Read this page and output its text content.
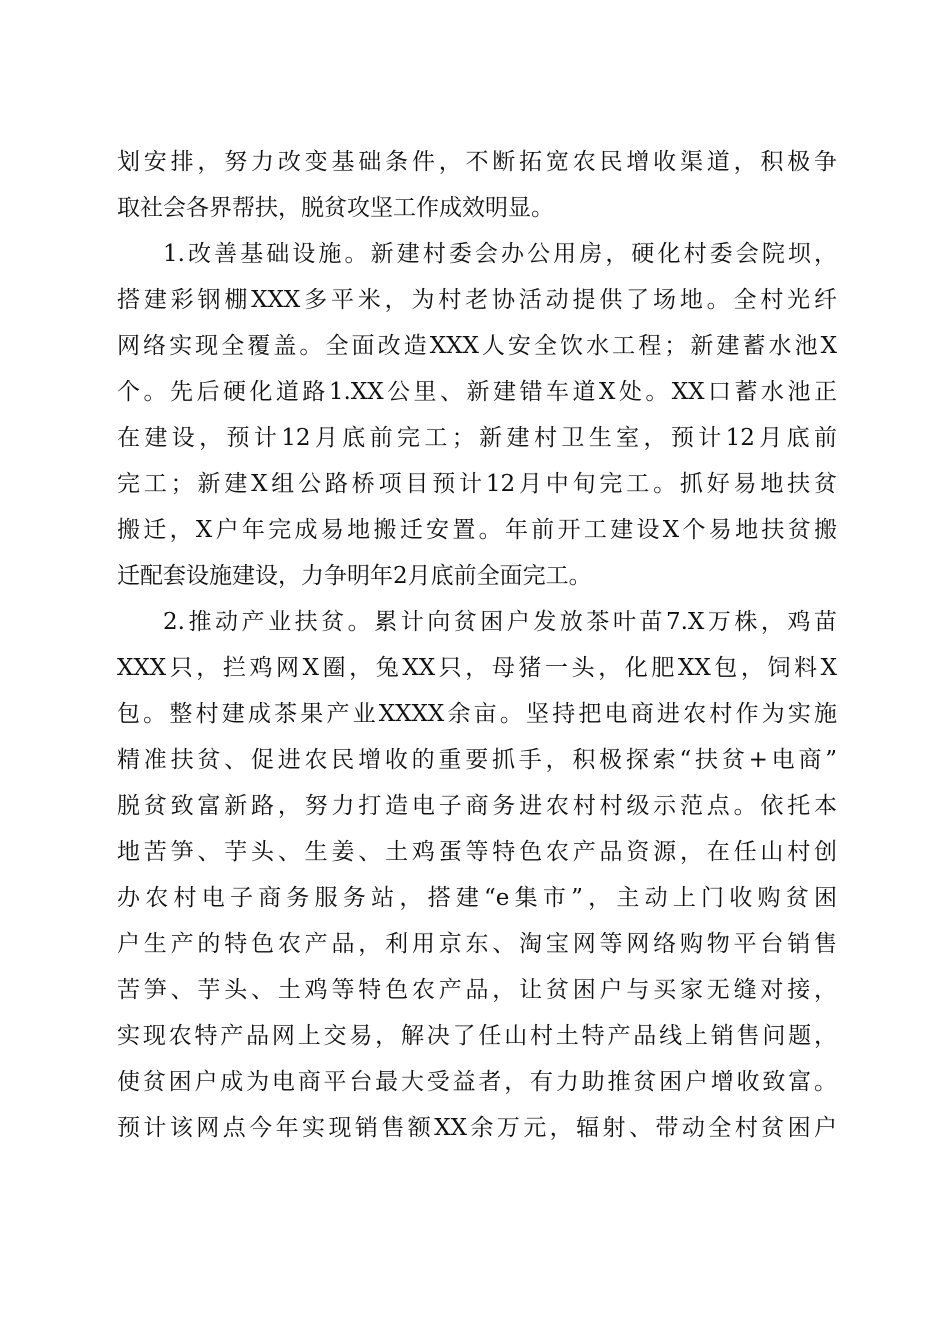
划安排，努力改变基础条件，不断拓宽农民增收渠道，积极争
取社会各界帮扶，脱贫攻坚工作成效明显。
1.改善基础设施。新建村委会办公用房，硬化村委会院坝，
搭建彩钢棚XXX多平米，为村老协活动提供了场地。全村光纤
网络实现全覆盖。全面改造XXX人安全饮水工程；新建蓄水池X
个。先后硬化道路1.XX公里、新建错车道X处。XX口蓄水池正
在建设，预计12月底前完工；新建村卫生室，预计12月底前
完工；新建X组公路桥项目预计12月中旬完工。抓好易地扶贫
搬迁，X户年完成易地搬迁安置。年前开工建设X个易地扶贫搬
迁配套设施建设，力争明年2月底前全面完工。
2.推动产业扶贫。累计向贫困户发放茶叶苗7.X万株，鸡苗
XXX只，拦鸡网X圈，兔XX只，母猪一头，化肥XX包，饲料X
包。整村建成茶果产业XXXX余亩。坚持把电商进农村作为实施
精准扶贫、促进农民增收的重要抓手，积极探索“扶贫+电商”
脱贫致富新路，努力打造电子商务进农村村级示范点。依托本
地苦笋、芋头、生姜、土鸡蛋等特色农产品资源，在任山村创
办农村电子商务服务站，搭建“e集市”，主动上门收购贫困
户生产的特色农产品，利用京东、淘宝网等网络购物平台销售
苦笋、芋头、土鸡等特色农产品，让贫困户与买家无缝对接，
实现农特产品网上交易，解决了任山村土特产品线上销售问题，
使贫困户成为电商平台最大受益者，有力助推贫困户增收致富。
预计该网点今年实现销售额XX余万元，辐射、带动全村贫困户
